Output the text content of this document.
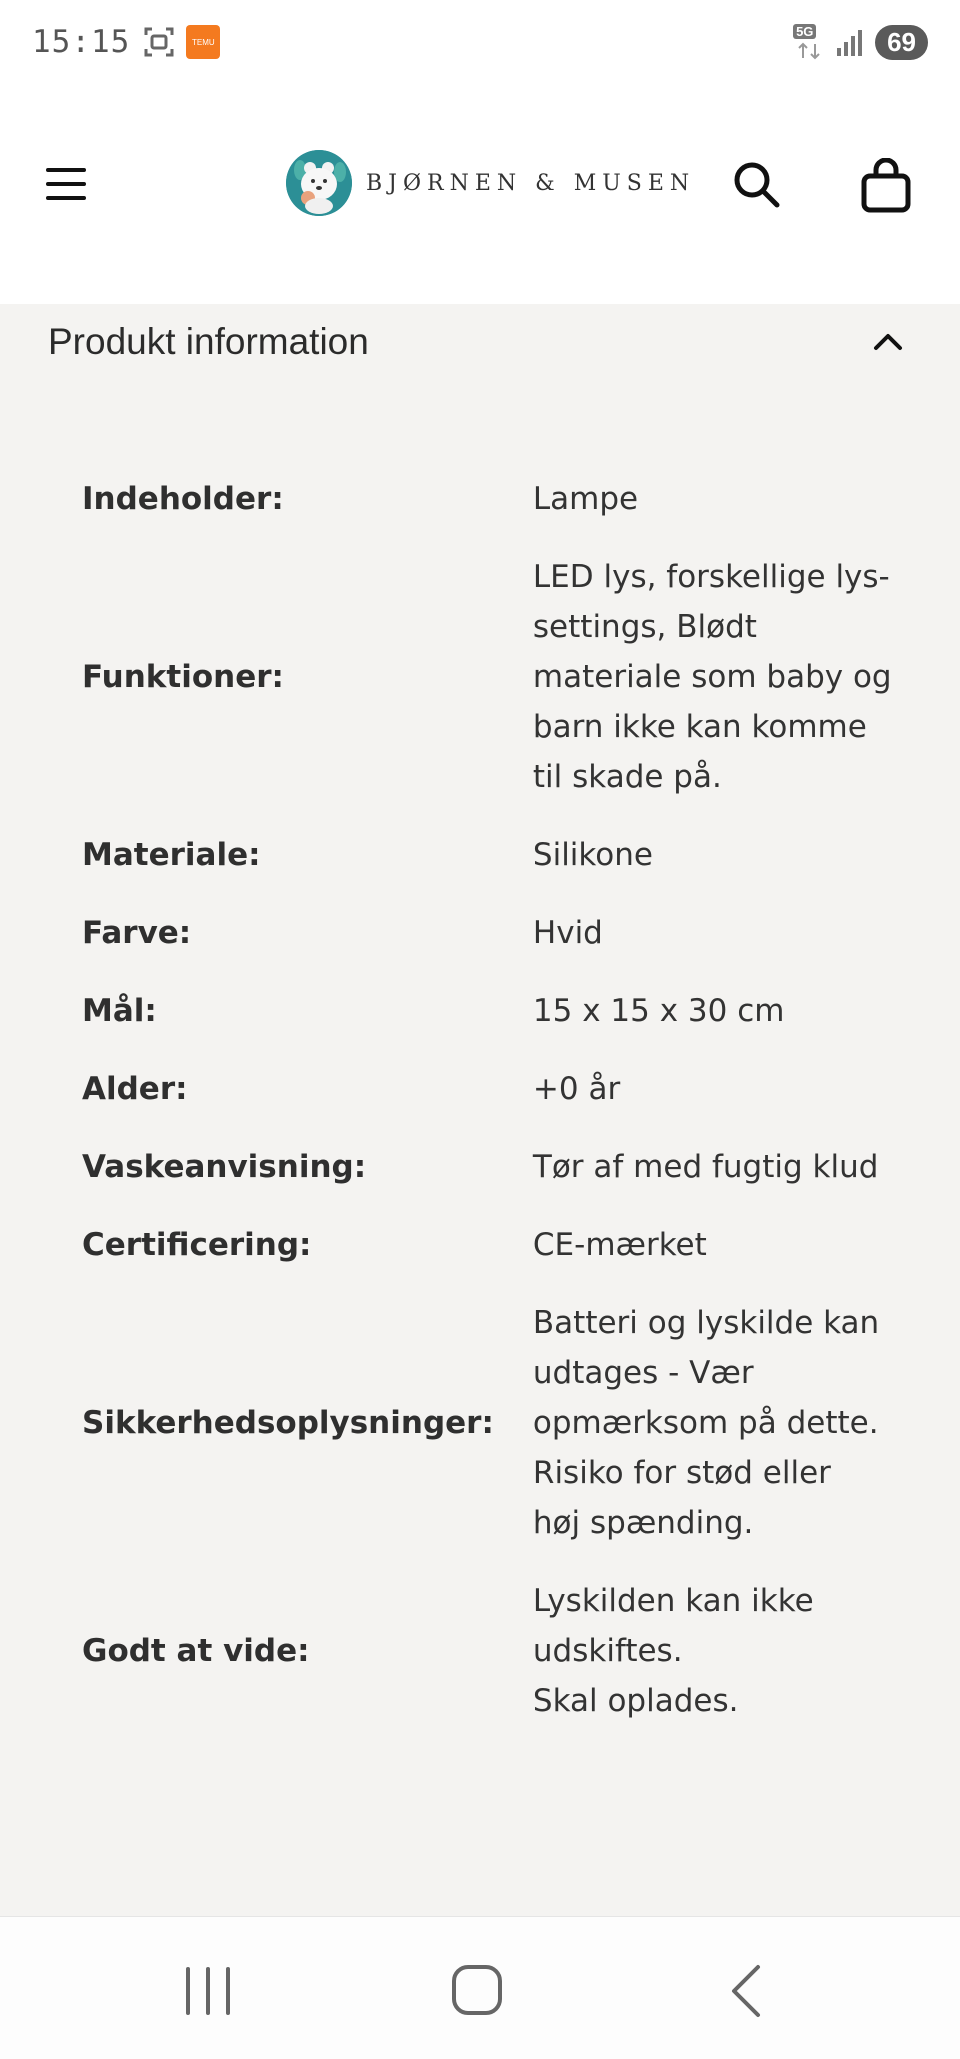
15:15	TEMU
5G	69
BJØRNEN & MUSEN
Produkt information
Indeholder:	Lampe
Funktioner:
LED lys, forskellige lys-
settings, Blødt
materiale som baby og
barn ikke kan komme
til skade på.
Materiale:	Silikone
Farve:	Hvid
Mål:	15 x 15 x 30 cm
Alder:	+0 år
Vaskeanvisning:	Tør af med fugtig klud
Certificering:	CE-mærket
Sikkerhedsoplysninger:
Batteri og lyskilde kan
udtages - Vær
opmærksom på dette.
Risiko for stød eller
høj spænding.
Godt at vide:
Lyskilden kan ikke
udskiftes.
Skal oplades.
